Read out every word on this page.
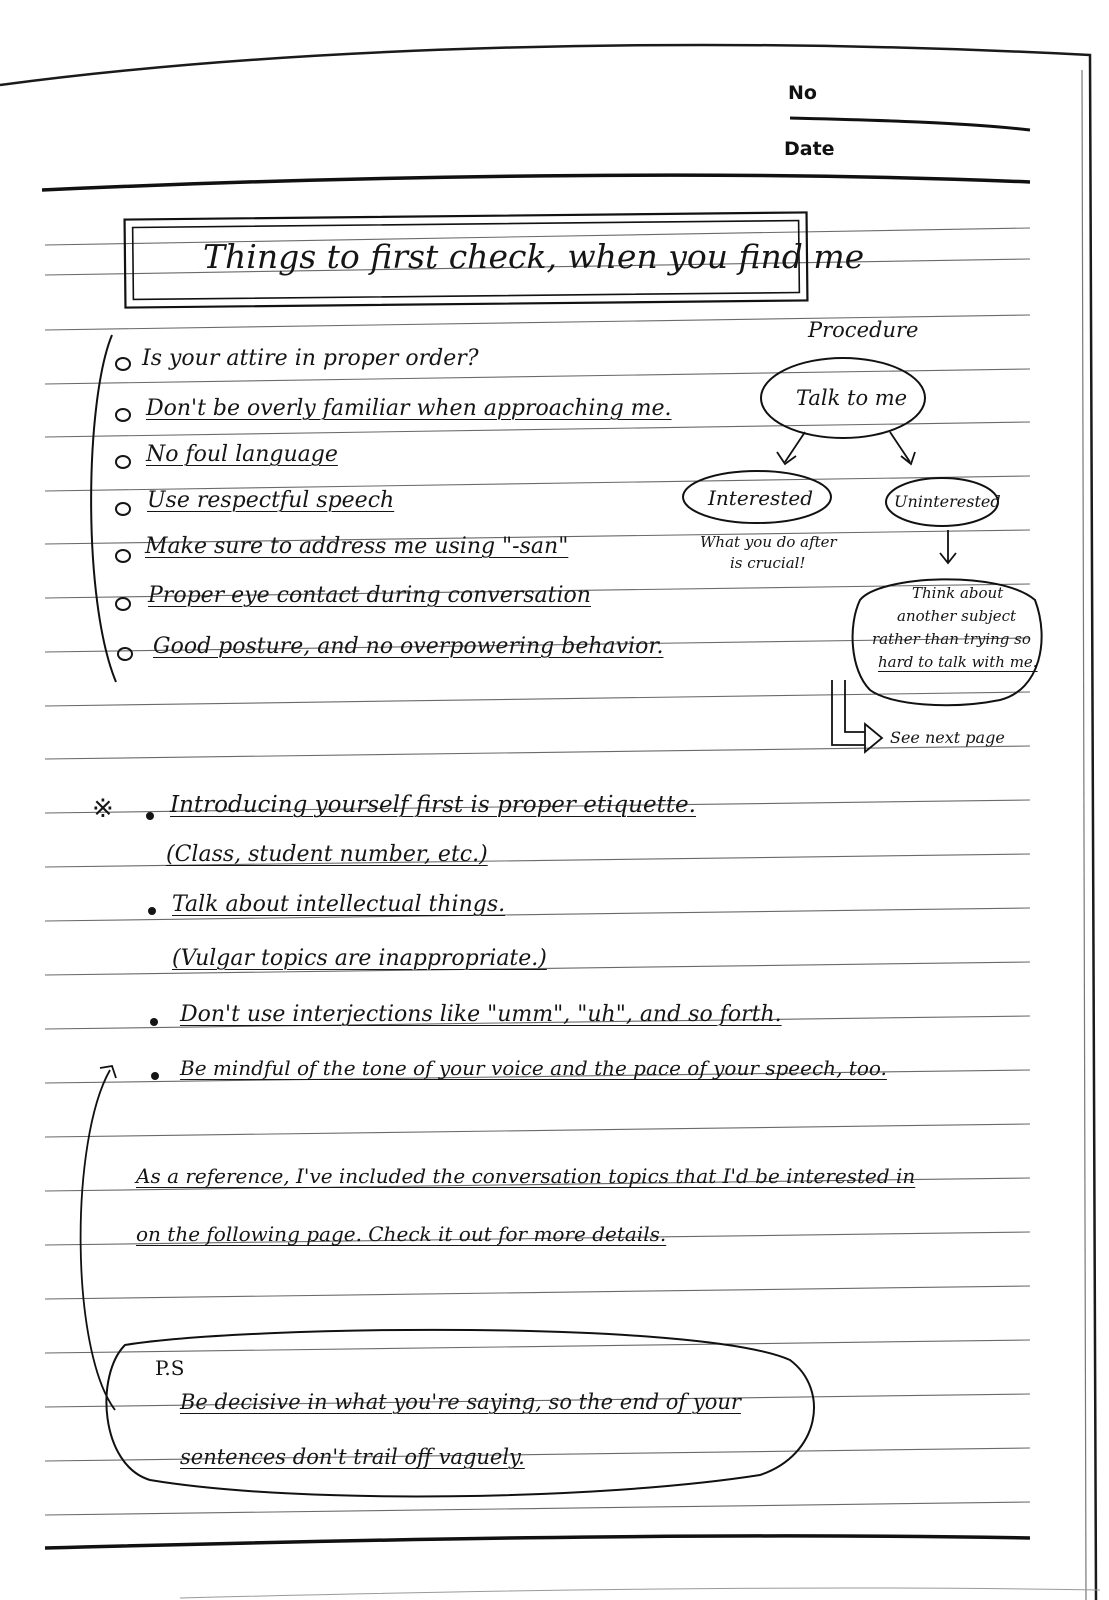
No
Date
Things to first check, when you find me
Is your attire in proper order?
Don't be overly familiar when approaching me.
No foul language
Use respectful speech
Make sure to address me using "-san"
Proper eye contact during conversation
Good posture, and no overpowering behavior.
Procedure
Talk to me
Interested
What you do after
is crucial!
Uninterested
Think about
another subject
rather than trying so
hard to talk with me.
See next page
※ Introducing yourself first is proper etiquette.
(Class, student number, etc.)
Talk about intellectual things.
(Vulgar topics are inappropriate.)
Don't use interjections like "umm", "uh", and so forth.
Be mindful of the tone of your voice and the pace of your speech, too.
As a reference, I've included the conversation topics that I'd be interested in
on the following page. Check it out for more details.
P.S
Be decisive in what you're saying, so the end of your
sentences don't trail off vaguely.
